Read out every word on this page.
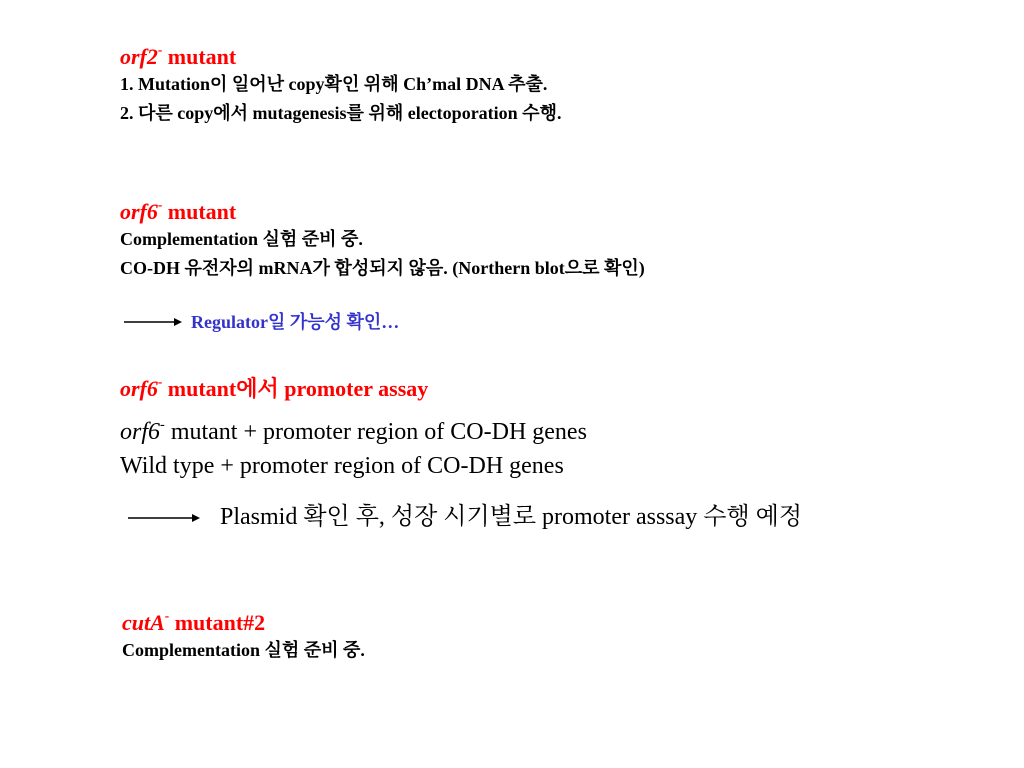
orf2- mutant
1. Mutation이 일어난 copy확인 위해 Ch’mal DNA 추출.
2. 다른 copy에서 mutagenesis를 위해 electoporation 수행.
orf6- mutant
Complementation 실험 준비 중.
CO-DH 유전자의 mRNA가 합성되지 않음. (Northern blot으로 확인)
Regulator일 가능성 확인…
orf6- mutant에서 promoter assay
orf6- mutant + promoter region of CO-DH genes
Wild type + promoter region of CO-DH genes
Plasmid 확인 후, 성장 시기별로 promoter asssay 수행 예정
cutA- mutant#2
Complementation 실험 준비 중.
